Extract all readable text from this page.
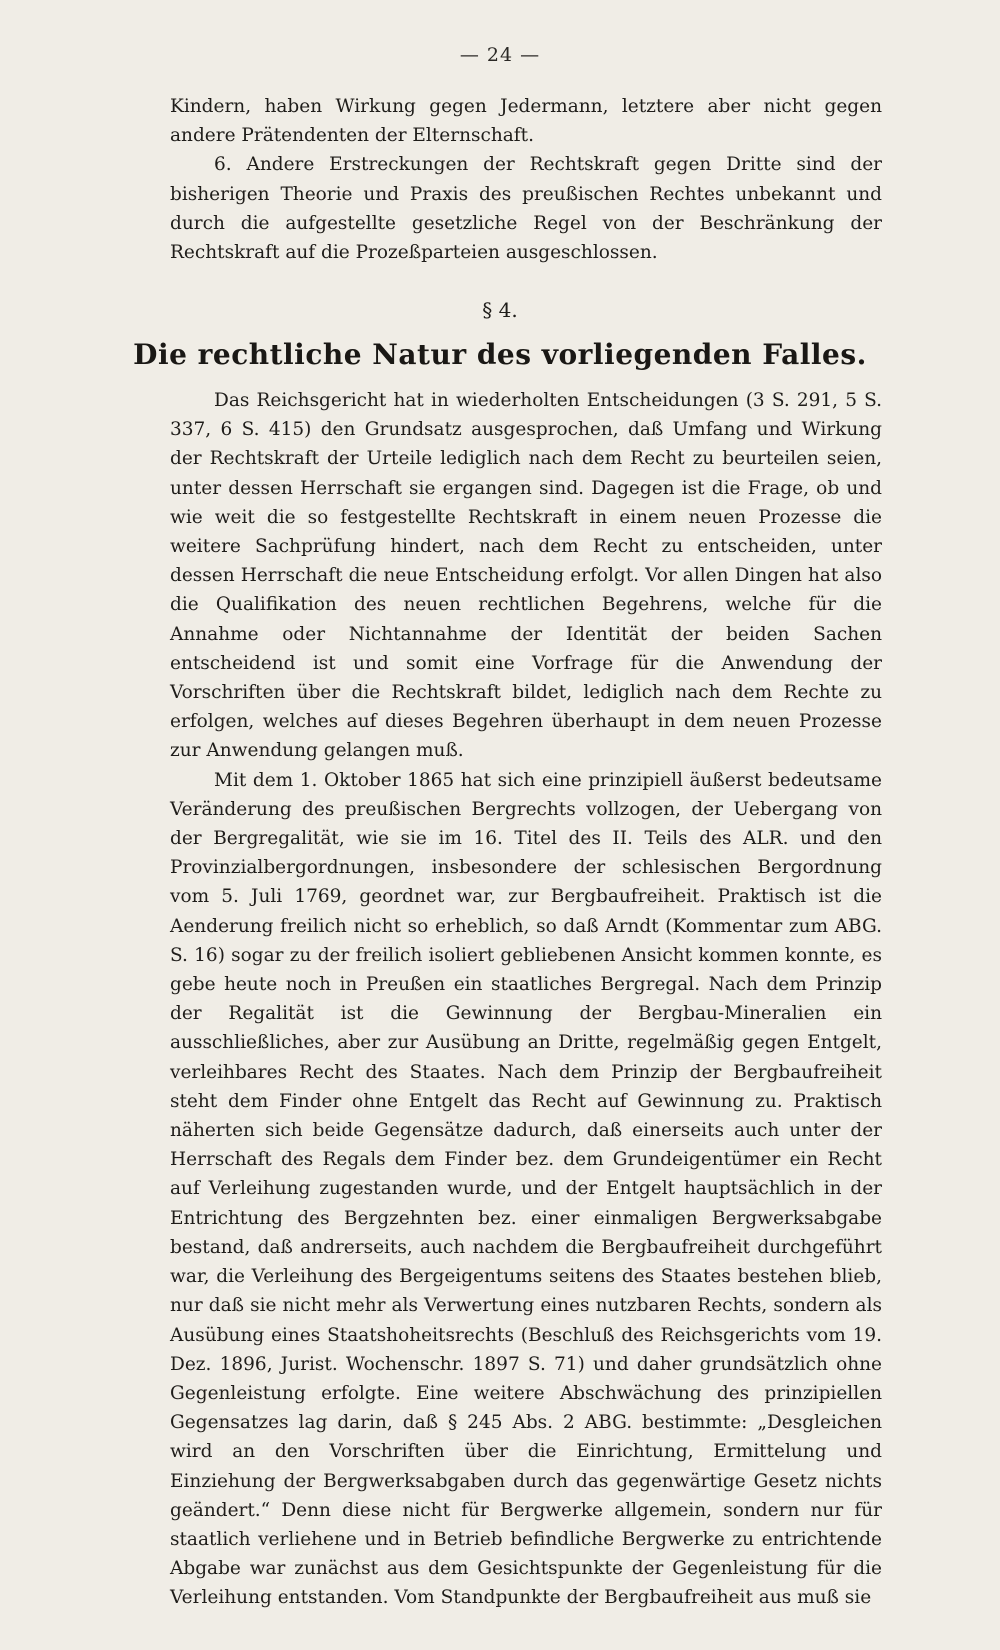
— 24 —

Kindern, haben Wirkung gegen Jedermann, letztere aber nicht gegen andere Prätendenten der Elternschaft.

6. Andere Erstreckungen der Rechtskraft gegen Dritte sind der bisherigen Theorie und Praxis des preußischen Rechtes unbekannt und durch die aufgestellte gesetzliche Regel von der Beschränkung der Rechtskraft auf die Prozeßparteien ausgeschlossen.

§ 4.
Die rechtliche Natur des vorliegenden Falles.

Das Reichsgericht hat in wiederholten Entscheidungen (3 S. 291, 5 S. 337, 6 S. 415) den Grundsatz ausgesprochen, daß Umfang und Wirkung der Rechtskraft der Urteile lediglich nach dem Recht zu beurteilen seien, unter dessen Herrschaft sie ergangen sind. Dagegen ist die Frage, ob und wie weit die so festgestellte Rechtskraft in einem neuen Prozesse die weitere Sachprüfung hindert, nach dem Recht zu entscheiden, unter dessen Herrschaft die neue Entscheidung erfolgt. Vor allen Dingen hat also die Qualifikation des neuen rechtlichen Begehrens, welche für die Annahme oder Nichtannahme der Identität der beiden Sachen entscheidend ist und somit eine Vorfrage für die Anwendung der Vorschriften über die Rechtskraft bildet, lediglich nach dem Rechte zu erfolgen, welches auf dieses Begehren überhaupt in dem neuen Prozesse zur Anwendung gelangen muß.

Mit dem 1. Oktober 1865 hat sich eine prinzipiell äußerst bedeutsame Veränderung des preußischen Bergrechts vollzogen, der Uebergang von der Bergregalität, wie sie im 16. Titel des II. Teils des ALR. und den Provinzialbergordnungen, insbesondere der schlesischen Bergordnung vom 5. Juli 1769, geordnet war, zur Bergbaufreiheit. Praktisch ist die Aenderung freilich nicht so erheblich, so daß Arndt (Kommentar zum ABG. S. 16) sogar zu der freilich isoliert gebliebenen Ansicht kommen konnte, es gebe heute noch in Preußen ein staatliches Bergregal. Nach dem Prinzip der Regalität ist die Gewinnung der Bergbau-Mineralien ein ausschließliches, aber zur Ausübung an Dritte, regelmäßig gegen Entgelt, verleihbares Recht des Staates. Nach dem Prinzip der Bergbaufreiheit steht dem Finder ohne Entgelt das Recht auf Gewinnung zu. Praktisch näherten sich beide Gegensätze dadurch, daß einerseits auch unter der Herrschaft des Regals dem Finder bez. dem Grundeigentümer ein Recht auf Verleihung zugestanden wurde, und der Entgelt hauptsächlich in der Entrichtung des Bergzehnten bez. einer einmaligen Bergwerksabgabe bestand, daß andrerseits, auch nachdem die Bergbaufreiheit durchgeführt war, die Verleihung des Bergeigentums seitens des Staates bestehen blieb, nur daß sie nicht mehr als Verwertung eines nutzbaren Rechts, sondern als Ausübung eines Staatshoheitsrechts (Beschluß des Reichsgerichts vom 19. Dez. 1896, Jurist. Wochenschr. 1897 S. 71) und daher grundsätzlich ohne Gegenleistung erfolgte. Eine weitere Abschwächung des prinzipiellen Gegensatzes lag darin, daß § 245 Abs. 2 ABG. bestimmte: „Desgleichen wird an den Vorschriften über die Einrichtung, Ermittelung und Einziehung der Bergwerksabgaben durch das gegenwärtige Gesetz nichts geändert.“ Denn diese nicht für Bergwerke allgemein, sondern nur für staatlich verliehene und in Betrieb befindliche Bergwerke zu entrichtende Abgabe war zunächst aus dem Gesichtspunkte der Gegenleistung für die Verleihung entstanden. Vom Standpunkte der Bergbaufreiheit aus muß sie
